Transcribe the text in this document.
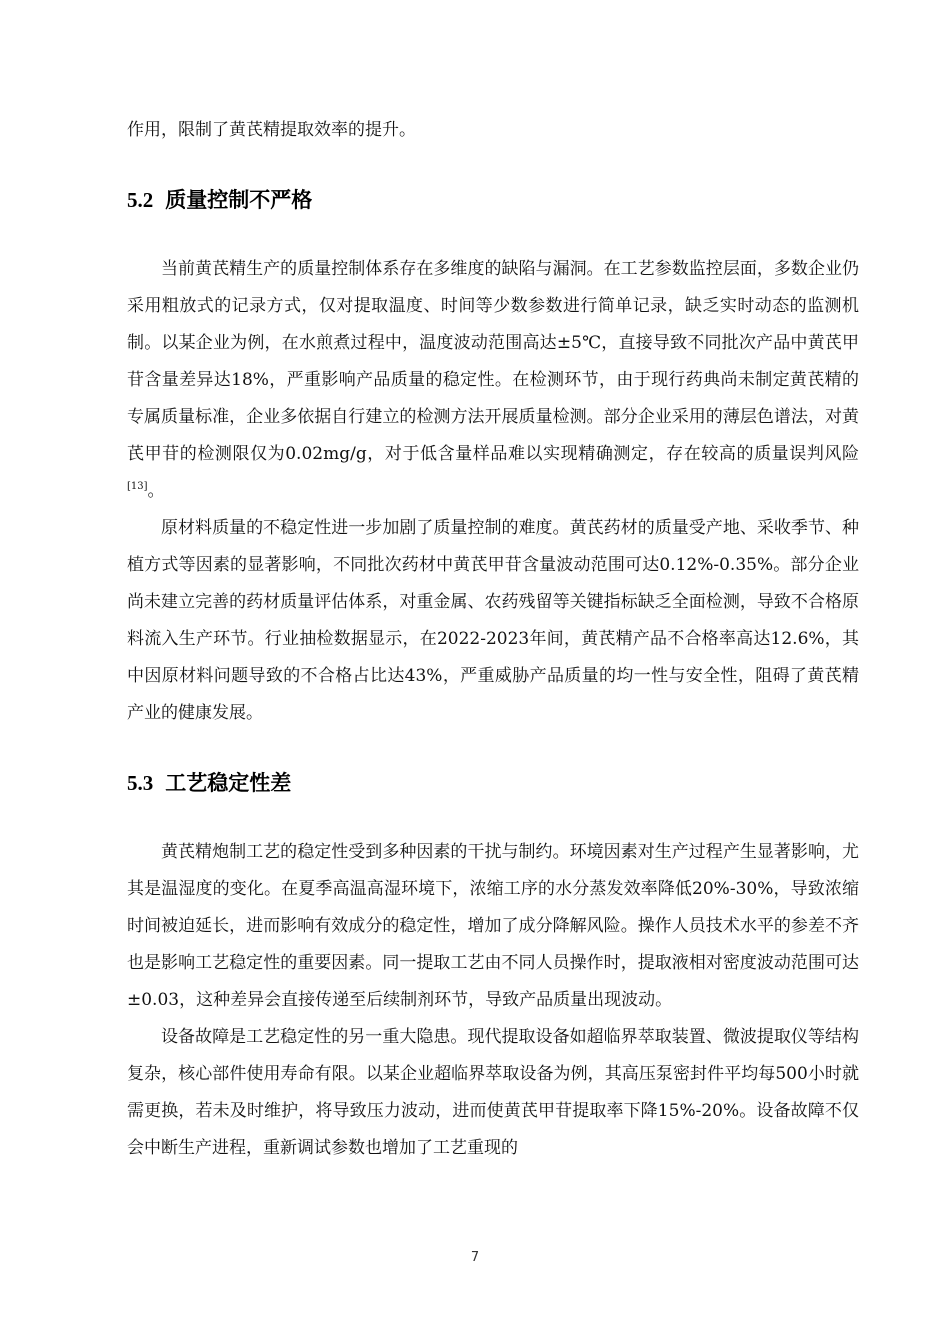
作用，限制了黄芪精提取效率的提升。

5.2 质量控制不严格

当前黄芪精生产的质量控制体系存在多维度的缺陷与漏洞。在工艺参数监控层面，多数企业仍采用粗放式的记录方式，仅对提取温度、时间等少数参数进行简单记录，缺乏实时动态的监测机制。以某企业为例，在水煎煮过程中，温度波动范围高达±5℃，直接导致不同批次产品中黄芪甲苷含量差异达18%，严重影响产品质量的稳定性。在检测环节，由于现行药典尚未制定黄芪精的专属质量标准，企业多依据自行建立的检测方法开展质量检测。部分企业采用的薄层色谱法，对黄芪甲苷的检测限仅为0.02mg/g，对于低含量样品难以实现精确测定，存在较高的质量误判风险[13]。

原材料质量的不稳定性进一步加剧了质量控制的难度。黄芪药材的质量受产地、采收季节、种植方式等因素的显著影响，不同批次药材中黄芪甲苷含量波动范围可达0.12%-0.35%。部分企业尚未建立完善的药材质量评估体系，对重金属、农药残留等关键指标缺乏全面检测，导致不合格原料流入生产环节。行业抽检数据显示，在2022-2023年间，黄芪精产品不合格率高达12.6%，其中因原材料问题导致的不合格占比达43%，严重威胁产品质量的均一性与安全性，阻碍了黄芪精产业的健康发展。

5.3 工艺稳定性差

黄芪精炮制工艺的稳定性受到多种因素的干扰与制约。环境因素对生产过程产生显著影响，尤其是温湿度的变化。在夏季高温高湿环境下，浓缩工序的水分蒸发效率降低20%-30%，导致浓缩时间被迫延长，进而影响有效成分的稳定性，增加了成分降解风险。操作人员技术水平的参差不齐也是影响工艺稳定性的重要因素。同一提取工艺由不同人员操作时，提取液相对密度波动范围可达±0.03，这种差异会直接传递至后续制剂环节，导致产品质量出现波动。

设备故障是工艺稳定性的另一重大隐患。现代提取设备如超临界萃取装置、微波提取仪等结构复杂，核心部件使用寿命有限。以某企业超临界萃取设备为例，其高压泵密封件平均每500小时就需更换，若未及时维护，将导致压力波动，进而使黄芪甲苷提取率下降15%-20%。设备故障不仅会中断生产进程，重新调试参数也增加了工艺重现的

7
